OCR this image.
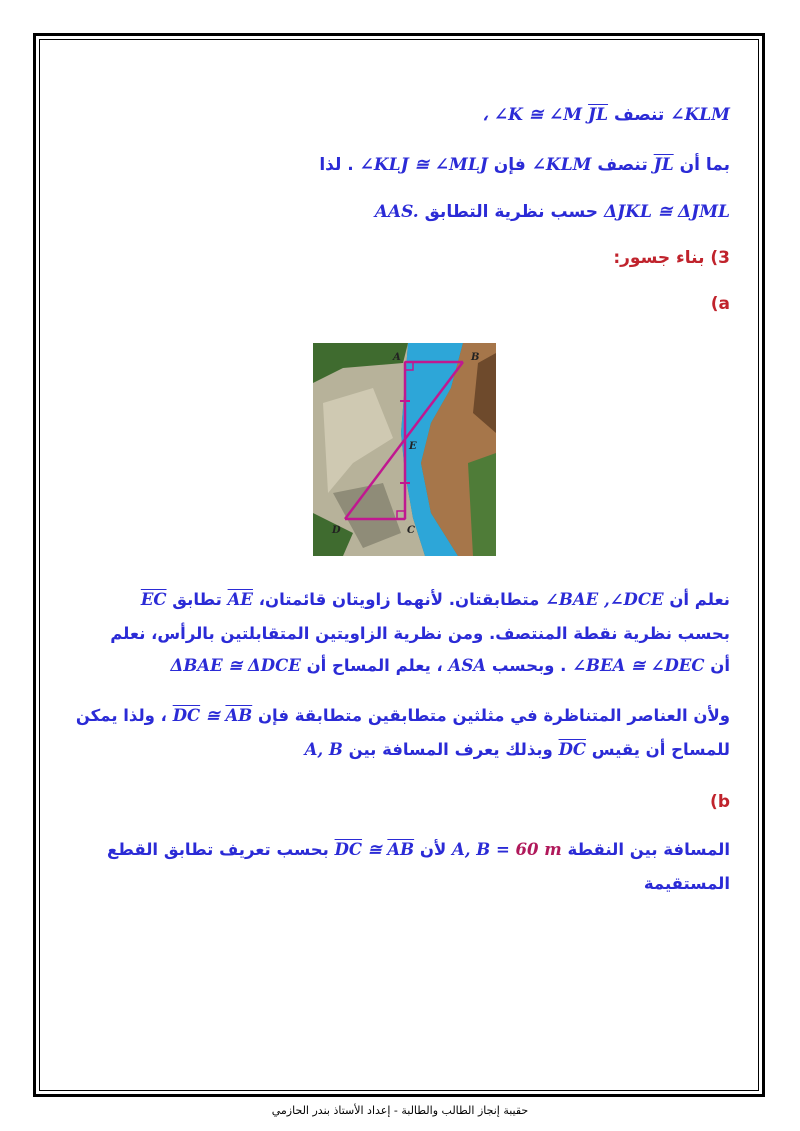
∠KLM تنصف $\overline{JL}$ ، ∠K ≅ ∠M
بما أن $\overline{JL}$ تنصف ∠KLM فإن ∠KLJ ≅ ∠MLJ . لذا
ΔJKL ≅ ΔJML حسب نظرية التطابق AAS.
3) بناء جسور:
(a
A	B
E
D	C
نعلم أن ∠BAE ,∠DCE متطابقتان. لأنهما زاويتان قائمتان، $\overline{AE}$ تطابق $\overline{EC}$
بحسب نظرية نقطة المنتصف. ومن نظرية الزاويتين المتقابلتين بالرأس، نعلم
أن ∠BEA ≅ ∠DEC . وبحسب ASA ، يعلم المساح أن ΔBAE ≅ ΔDCE
ولأن العناصر المتناظرة في مثلثين متطابقين متطابقة فإن $\overline{AB}$ ≅ $\overline{DC}$ ، ولذا يمكن
للمساح أن يقيس $\overline{DC}$ وبذلك يعرف المسافة بين A, B
(b
المسافة بين النقطة A, B = 60 m لأن $\overline{AB}$ ≅ $\overline{DC}$ بحسب تعريف تطابق القطع
المستقيمة
حقيبة إنجاز الطالب والطالبة - إعداد الأستاذ بندر الحازمي
